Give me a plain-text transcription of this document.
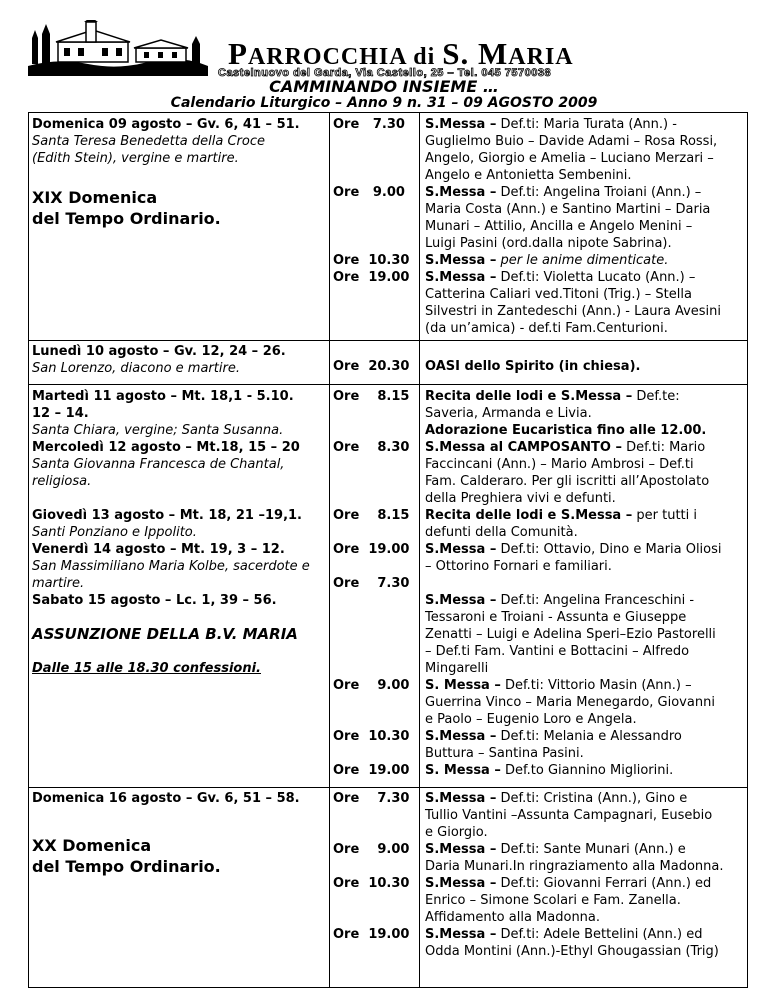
PARROCCHIA di S. MARIA
Castelnuovo del Garda, Via Castello, 25 – Tel. 045 7570038
CAMMINANDO INSIEME …
Calendario Liturgico – Anno 9 n. 31 – 09 AGOSTO 2009
Domenica 09 agosto – Gv. 6, 41 – 51.
Santa Teresa Benedetta della Croce
(Edith Stein), vergine e martire.
XIX Domenica
del Tempo Ordinario.
Ore   7.30
Ore   9.00
Ore  10.30
Ore  19.00
S.Messa – Def.ti: Maria Turata (Ann.) -
Guglielmo Buio – Davide Adami – Rosa Rossi,
Angelo, Giorgio e Amelia – Luciano Merzari –
Angelo e Antonietta Sembenini.
S.Messa – Def.ti: Angelina Troiani (Ann.) –
Maria Costa (Ann.) e Santino Martini – Daria
Munari – Attilio, Ancilla e Angelo Menini –
Luigi Pasini (ord.dalla nipote Sabrina).
S.Messa – per le anime dimenticate.
S.Messa – Def.ti: Violetta Lucato (Ann.) –
Catterina Caliari ved.Titoni (Trig.) – Stella
Silvestri in Zantedeschi (Ann.) - Laura Avesini
(da un’amica) - def.ti Fam.Centurioni.
Lunedì 10 agosto – Gv. 12, 24 – 26.
San Lorenzo, diacono e martire.	Ore  20.30	OASI dello Spirito (in chiesa).
Martedì 11 agosto – Mt. 18,1 - 5.10.
12 – 14.
Santa Chiara, vergine; Santa Susanna.
Mercoledì 12 agosto – Mt.18, 15 – 20
Santa Giovanna Francesca de Chantal,
religiosa.
Giovedì 13 agosto – Mt. 18, 21 –19,1.
Santi Ponziano e Ippolito.
Venerdì 14 agosto – Mt. 19, 3 – 12.
San Massimiliano Maria Kolbe, sacerdote e
martire.
Sabato 15 agosto – Lc. 1, 39 – 56.
ASSUNZIONE DELLA B.V. MARIA
Dalle 15 alle 18.30 confessioni.
Ore    8.15
Ore    8.30
Ore    8.15
Ore  19.00
Ore    7.30
Ore    9.00
Ore  10.30
Ore  19.00
Recita delle lodi e S.Messa – Def.te:
Saveria, Armanda e Livia.
Adorazione Eucaristica fino alle 12.00.
S.Messa al CAMPOSANTO – Def.ti: Mario
Faccincani (Ann.) – Mario Ambrosi – Def.ti
Fam. Calderaro. Per gli iscritti all’Apostolato
della Preghiera vivi e defunti.
Recita delle lodi e S.Messa – per tutti i
defunti della Comunità.
S.Messa – Def.ti: Ottavio, Dino e Maria Oliosi
– Ottorino Fornari e familiari.
S.Messa – Def.ti: Angelina Franceschini -
Tessaroni e Troiani - Assunta e Giuseppe
Zenatti – Luigi e Adelina Speri–Ezio Pastorelli
– Def.ti Fam. Vantini e Bottacini – Alfredo
Mingarelli
S. Messa – Def.ti: Vittorio Masin (Ann.) –
Guerrina Vinco – Maria Menegardo, Giovanni
e Paolo – Eugenio Loro e Angela.
S.Messa – Def.ti: Melania e Alessandro
Buttura – Santina Pasini.
S. Messa – Def.to Giannino Migliorini.
Domenica 16 agosto – Gv. 6, 51 – 58.
XX Domenica
del Tempo Ordinario.
Ore    7.30
Ore    9.00
Ore  10.30
Ore  19.00
S.Messa – Def.ti: Cristina (Ann.), Gino e
Tullio Vantini –Assunta Campagnari, Eusebio
e Giorgio.
S.Messa – Def.ti: Sante Munari (Ann.) e
Daria Munari.In ringraziamento alla Madonna.
S.Messa – Def.ti: Giovanni Ferrari (Ann.) ed
Enrico – Simone Scolari e Fam. Zanella.
Affidamento alla Madonna.
S.Messa – Def.ti: Adele Bettelini (Ann.) ed
Odda Montini (Ann.)-Ethyl Ghougassian (Trig)
